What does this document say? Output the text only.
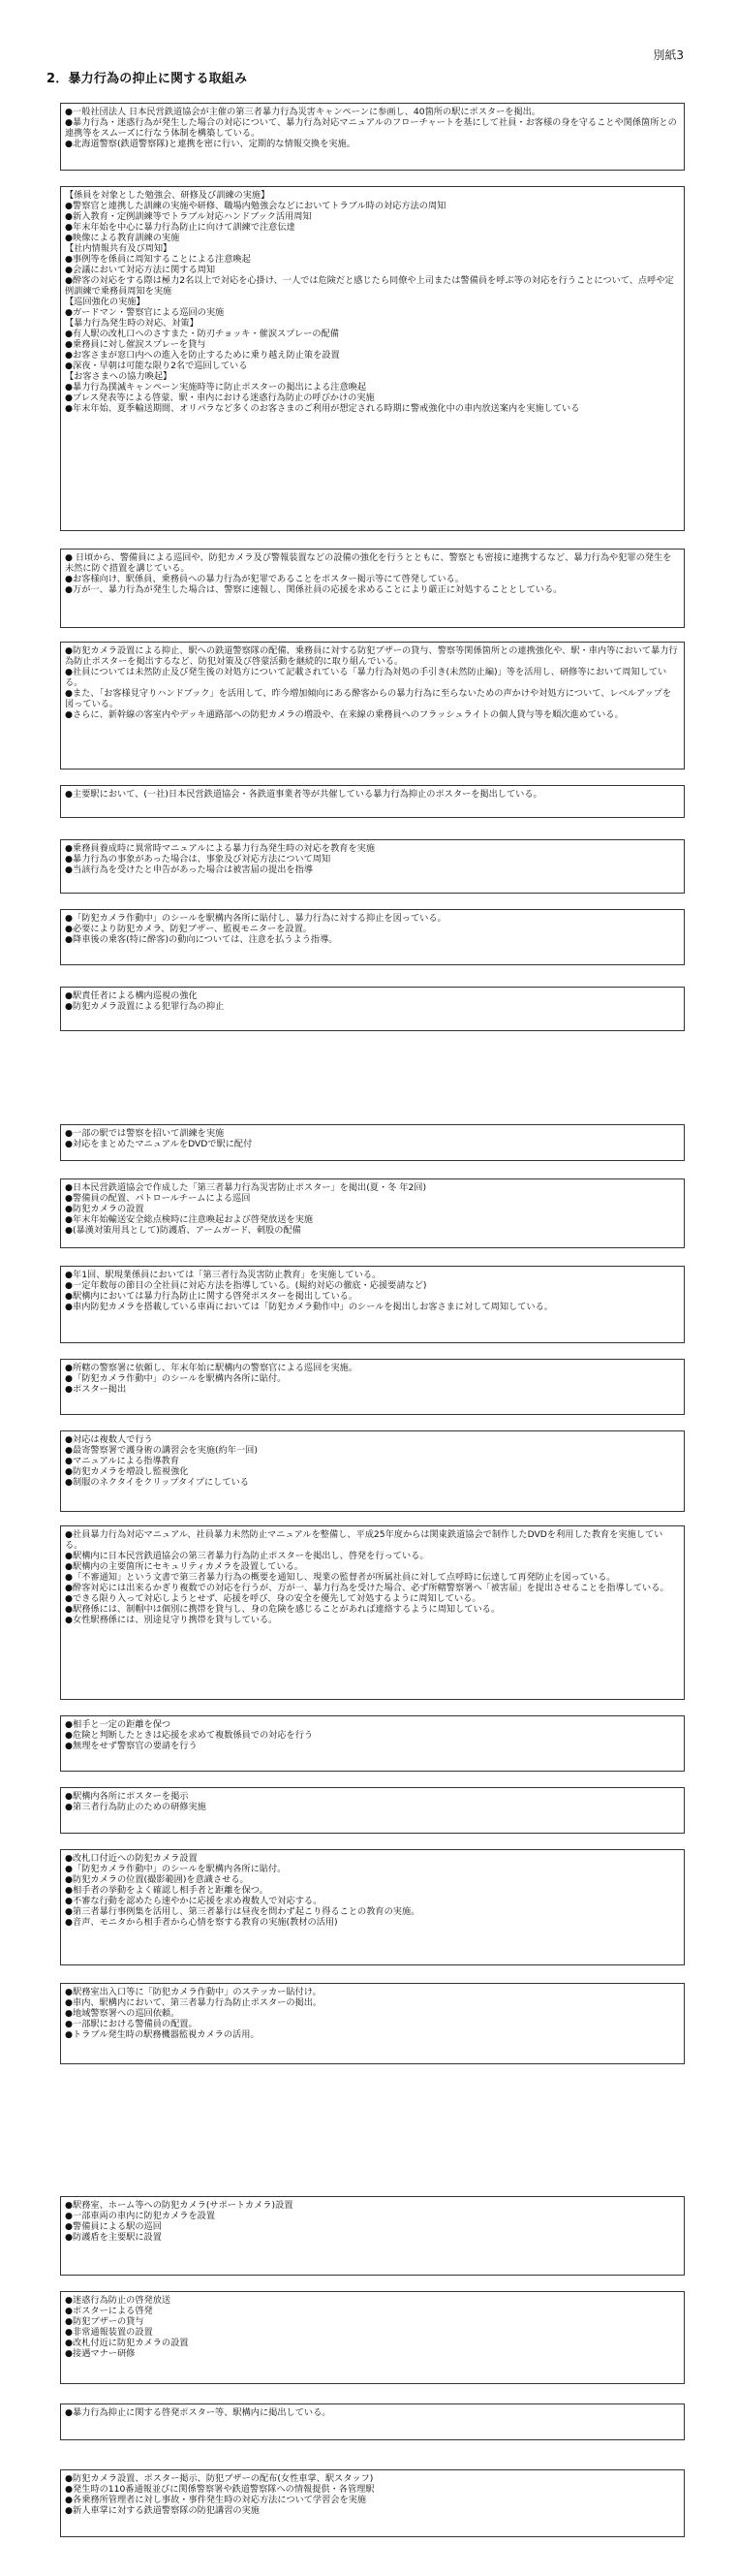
別紙3
2．暴力行為の抑止に関する取組み

●一般社団法人 日本民営鉄道協会が主催の第三者暴力行為災害キャンペーンに参画し、40箇所の駅にポスターを掲出。

●暴力行為・迷惑行為が発生した場合の対応について、暴力行為対応マニュアルのフローチャートを基にして社員・お客様の身を守ることや関係箇所との連携等をスムーズに行なう体制を構築している。

●北海道警察(鉄道警察隊)と連携を密に行い、定期的な情報交換を実施。

【係員を対象とした勉強会、研修及び訓練の実施】

●警察官と連携した訓練の実施や研修、職場内勉強会などにおいてトラブル時の対応方法の周知

●新入教育・定例訓練等でトラブル対応ハンドブック活用周知

●年末年始を中心に暴力行為防止に向けて訓練で注意伝達

●映像による教育訓練の実施

【社内情報共有及び周知】

●事例等を係員に周知することによる注意喚起

●会議において対応方法に関する周知

●酔客の対応をする際は極力2名以上で対応を心掛け、一人では危険だと感じたら同僚や上司または警備員を呼ぶ等の対応を行うことについて、点呼や定例訓練で乗務員周知を実施

【巡回強化の実施】

●ガードマン・警察官による巡回の実施

【暴力行為発生時の対応、対策】

●有人駅の改札口へのさすまた・防刃チョッキ・催涙スプレーの配備

●乗務員に対し催涙スプレーを貸与

●お客さまが窓口内への進入を防止するために乗り越え防止策を設置

●深夜・早朝は可能な限り2名で巡回している

【お客さまへの協力喚起】

●暴力行為撲滅キャンペーン実施時等に防止ポスターの掲出による注意喚起

●プレス発表等による啓蒙、駅・車内における迷惑行為防止の呼びかけの実施

●年末年始、夏季輸送期間、オリパラなど多くのお客さまのご利用が想定される時期に警戒強化中の車内放送案内を実施している

● 日頃から、警備員による巡回や、防犯カメラ及び警報装置などの設備の強化を行うとともに、警察とも密接に連携するなど、暴力行為や犯罪の発生を未然に防ぐ措置を講じている。

●お客様向け、駅係員、乗務員への暴力行為が犯罪であることをポスター掲示等にて啓発している。

●万が一、暴力行為が発生した場合は、警察に速報し、関係社員の応援を求めることにより厳正に対処することとしている。

●防犯カメラ設置による抑止、駅への鉄道警察隊の配備、乗務員に対する防犯ブザーの貸与、警察等関係箇所との連携強化や、駅・車内等において暴力行為防止ポスターを掲出するなど、防犯対策及び啓蒙活動を継続的に取り組んでいる。

●社員については未然防止及び発生後の対処方について記載されている「暴力行為対処の手引き(未然防止編)」等を活用し、研修等において周知している。

●また、「お客様見守りハンドブック」を活用して、昨今増加傾向にある酔客からの暴力行為に至らないための声かけや対処方について、レベルアップを図っている。

●さらに、新幹線の客室内やデッキ通路部への防犯カメラの増設や、在来線の乗務員へのフラッシュライトの個人貸与等を順次進めている。

●主要駅において、(一社)日本民営鉄道協会・各鉄道事業者等が共催している暴力行為抑止のポスターを掲出している。

●乗務員養成時に異常時マニュアルによる暴力行為発生時の対応を教育を実施

●暴力行為の事象があった場合は、事象及び対応方法について周知

●当該行為を受けたと申告があった場合は被害届の提出を指導

●「防犯カメラ作動中」のシールを駅構内各所に貼付し、暴力行為に対する抑止を図っている。

●必要により防犯カメラ、防犯ブザー、監視モニターを設置。

●降車後の乗客(特に酔客)の動向については、注意を払うよう指導。

●駅責任者による構内巡視の強化

●防犯カメラ設置による犯罪行為の抑止

●一部の駅では警察を招いて訓練を実施

●対応をまとめたマニュアルをDVDで駅に配付

●日本民営鉄道協会で作成した「第三者暴力行為災害防止ポスター」を掲出(夏・冬 年2回)

●警備員の配置、パトロールチームによる巡回

●防犯カメラの設置

●年末年始輸送安全総点検時に注意喚起および啓発放送を実施

●(暴漢対策用具として)防護盾、アームガード、刺股の配備

●年1回、駅現業係員においては「第三者行為災害防止教育」を実施している。

●一定年数毎の節目の全社員に対応方法を指導している。(規約対応の徹底・応援要請など)

●駅構内においては暴力行為防止に関する啓発ポスターを掲出している。

●車内防犯カメラを搭載している車両においては「防犯カメラ動作中」のシールを掲出しお客さまに対して周知している。

●所轄の警察署に依頼し、年末年始に駅構内の警察官による巡回を実施。

●「防犯カメラ作動中」のシールを駅構内各所に貼付。

●ポスター掲出

●対応は複数人で行う

●最寄警察署で護身術の講習会を実施(約年一回)

●マニュアルによる指導教育

●防犯カメラを増設し監視強化

●制服のネクタイをクリップタイプにしている

●社員暴力行為対応マニュアル、社員暴力未然防止マニュアルを整備し、平成25年度からは関東鉄道協会で制作したDVDを利用した教育を実施している。

●駅構内に日本民営鉄道協会の第三者暴力行為防止ポスターを掲出し、啓発を行っている。

●駅構内の主要箇所にセキュリティカメラを設置している。

●「不審通知」という文書で第三者暴力行為の概要を通知し、現業の監督者が所属社員に対して点呼時に伝達して再発防止を図っている。

●酔客対応には出来るかぎり複数での対応を行うが、万が一、暴力行為を受けた場合、必ず所轄警察署へ「被害届」を提出させることを指導している。

●できる限り入って対応しようとせず、応援を呼び、身の安全を優先して対処するように周知している。

●駅務係には、制帽中は個別に携帯を貸与し、身の危険を感じることがあれば連絡するように周知している。

●女性駅務係には、別途見守り携帯を貸与している。

●相手と一定の距離を保つ

●危険と判断したときは応援を求めて複数係員での対応を行う

●無理をせず警察官の要請を行う

●駅構内各所にポスターを掲示

●第三者行為防止のための研修実施

●改札口付近への防犯カメラ設置

●「防犯カメラ作動中」のシールを駅構内各所に貼付。

●防犯カメラの位置(撮影範囲)を意識させる。

●相手者の挙動をよく確認し相手者と距離を保つ。

●不審な行動を認めたら速やかに応援を求め複数人で対応する。

●第三者暴行事例集を活用し、第三者暴行は昼夜を問わず起こり得ることの教育の実施。

●音声、モニタから相手者から心情を察する教育の実施(教材の活用)

●駅務室出入口等に「防犯カメラ作動中」のステッカー貼付け。

●車内、駅構内において、第三者暴力行為防止ポスターの掲出。

●地域警察署への巡回依頼。

●一部駅における警備員の配置。

●トラブル発生時の駅務機器監視カメラの活用。

●駅務室、ホーム等への防犯カメラ(サポートカメラ)設置

●一部車両の車内に防犯カメラを設置

●警備員による駅の巡回

●防護盾を主要駅に設置

●迷惑行為防止の啓発放送

●ポスターによる啓発

●防犯ブザーの貸与

●非常通報装置の設置

●改札付近に防犯カメラの設置

●接遇マナー研修

●暴力行為抑止に関する啓発ポスター等、駅構内に掲出している。

●防犯カメラ設置、ポスター掲示、防犯ブザーの配布(女性車掌、駅スタッフ)

●発生時の110番通報並びに関係警察署や鉄道警察隊への情報提供・各管理駅

●各乗務所管理者に対し事故・事件発生時の対応方法について学習会を実施

●新人車掌に対する鉄道警察隊の防犯講習の実施
